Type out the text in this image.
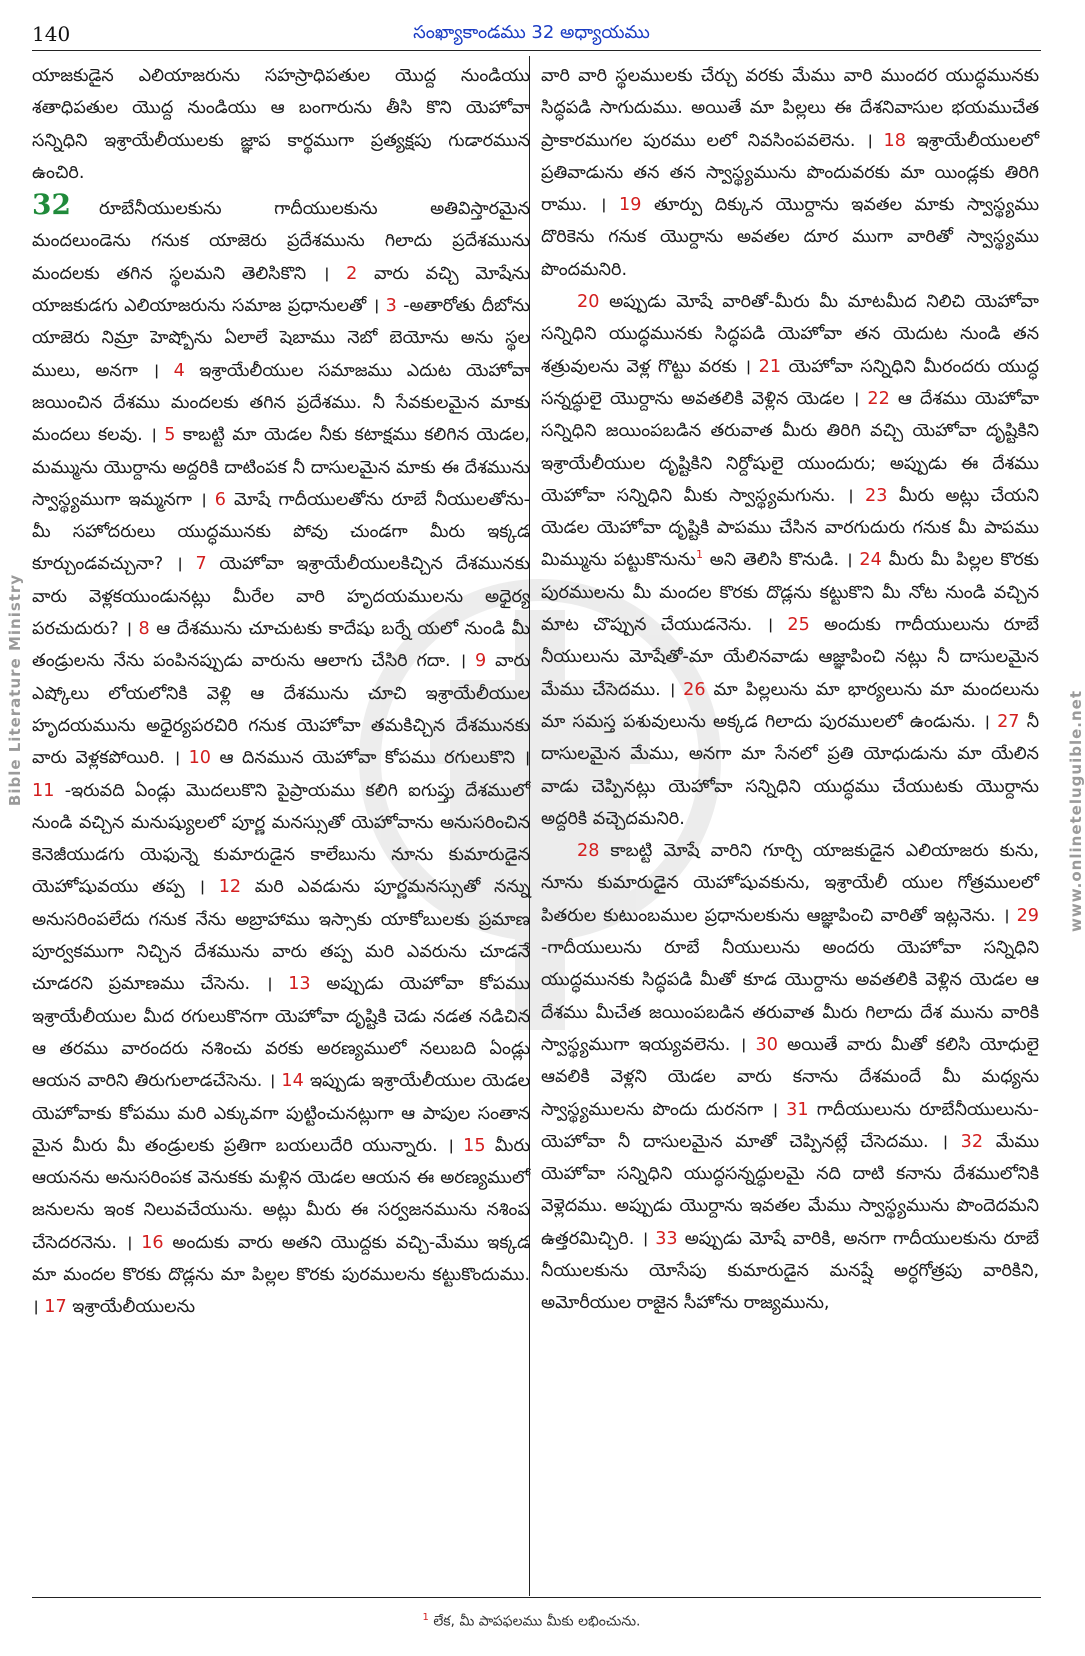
140	సంఖ్యాకాండము 32 అధ్యాయము
Bible Literature Ministry	www.onlineteluguible.net

యాజకుడైన ఎలియాజరును సహస్రాధిపతుల యొద్ద నుండియు శతాధిపతుల యొద్ద నుండియు ఆ బంగారును తీసి కొని యెహోవా సన్నిధిని ఇశ్రాయేలీయులకు జ్ఞాప కార్థముగా ప్రత్యక్షపు గుడారమున ఉంచిరి.

32 రూబేనీయులకును	గాదీయులకును	అతివిస్తారమైన మందలుండెను గనుక యాజెరు ప్రదేశమును గిలాదు ప్రదేశమును మందలకు తగిన స్థలమని తెలిసికొని । 2 వారు వచ్చి మోషేను యాజకుడగు ఎలియాజరును సమాజ ప్రధానులతో । 3 -అతారోతు దీబోను యాజెరు నిమ్రా హెష్బోను ఏలాలే షెబాము నెబో బెయోను అను స్థల ములు, అనగా । 4 ఇశ్రాయేలీయుల సమాజము ఎదుట యెహోవా జయించిన దేశము మందలకు తగిన ప్రదేశము. నీ సేవకులమైన మాకు మందలు కలవు. । 5 కాబట్టి మా యెడల నీకు కటాక్షము కలిగిన యెడల, మమ్మును యొర్దాను అద్దరికి దాటింపక నీ దాసులమైన మాకు ఈ దేశమును స్వాస్థ్యముగా ఇమ్మనగా । 6 మోషే గాదీయులతోను రూబే నీయులతోను-మీ సహోదరులు యుద్ధమునకు పోవు చుండగా మీరు ఇక్కడ కూర్చుండవచ్చునా? । 7 యెహోవా ఇశ్రాయేలీయులకిచ్చిన దేశమునకు వారు వెళ్లకయుండునట్లు మీరేల వారి హృదయములను అధైర్య పరచుదురు? । 8 ఆ దేశమును చూచుటకు కాదేషు బర్నే యలో నుండి మీ తండ్రులను నేను పంపినప్పుడు వారును ఆలాగు చేసిరి గదా. । 9 వారు ఎష్కోలు లోయలోనికి వెళ్లి ఆ దేశమును చూచి ఇశ్రాయేలీయుల హృదయమును అధైర్యపరచిరి గనుక యెహోవా తమకిచ్చిన దేశమునకు వారు వెళ్లకపోయిరి. । 10 ఆ దినమున యెహోవా కోపము రగులుకొని । 11 -ఇరువది ఏండ్లు మొదలుకొని పైప్రాయము కలిగి ఐగుప్తు దేశములో నుండి వచ్చిన మనుష్యులలో పూర్ణ మనస్సుతో యెహోవాను అనుసరించిన కెనెజీయుడగు యెఫున్నె కుమారుడైన కాలేబును నూను కుమారుడైన యెహోషువయు తప్ప । 12 మరి ఎవడును పూర్ణమనస్సుతో నన్ను అనుసరింపలేదు గనుక నేను అబ్రాహాము ఇస్సాకు యాకోబులకు ప్రమాణ పూర్వకముగా నిచ్చిన దేశమును వారు తప్ప మరి ఎవరును చూడనే చూడరని ప్రమాణము చేసెను. । 13 అప్పుడు యెహోవా కోపము ఇశ్రాయేలీయుల మీద రగులుకొనగా యెహోవా దృష్టికి చెడు నడత నడిచిన ఆ తరము వారందరు నశించు వరకు అరణ్యములో నలుబది ఏండ్లు ఆయన వారిని తిరుగులాడచేసెను. । 14 ఇప్పుడు ఇశ్రాయేలీయుల యెడల యెహోవాకు కోపము మరి ఎక్కువగా పుట్టించునట్లుగా ఆ పాపుల సంతాన మైన మీరు మీ తండ్రులకు ప్రతిగా బయలుదేరి యున్నారు. । 15 మీరు ఆయనను అనుసరింపక వెనుకకు మళ్లిన యెడల ఆయన ఈ అరణ్యములో జనులను ఇంక నిలువచేయును. అట్లు మీరు ఈ సర్వజనమును నశింప చేసెదరనెను. । 16 అందుకు వారు అతని యొద్దకు వచ్చి-మేము ఇక్కడ మా మందల కొరకు దొడ్లను మా పిల్లల కొరకు పురములను కట్టుకొందుము. । 17 ఇశ్రాయేలీయులను

వారి వారి స్థలములకు చేర్చు వరకు మేము వారి ముందర యుద్ధమునకు సిద్ధపడి సాగుదుము. అయితే మా పిల్లలు ఈ దేశనివాసుల భయముచేత ప్రాకారముగల పురము లలో నివసింపవలెను. । 18 ఇశ్రాయేలీయులలో ప్రతివాడును తన తన స్వాస్థ్యమును పొందువరకు మా యిండ్లకు తిరిగి రాము. । 19 తూర్పు దిక్కున యొర్దాను ఇవతల మాకు స్వాస్థ్యము దొరికెను గనుక యొర్దాను అవతల దూర ముగా వారితో స్వాస్థ్యము పొందమనిరి.

20 అప్పుడు మోషే వారితో-మీరు మీ మాటమీద నిలిచి యెహోవా సన్నిధిని యుద్ధమునకు సిద్ధపడి యెహోవా తన యెదుట నుండి తన శత్రువులను వెళ్ల గొట్టు వరకు । 21 యెహోవా సన్నిధిని మీరందరు యుద్ధ సన్నద్ధులై యొర్దాను అవతలికి వెళ్లిన యెడల । 22 ఆ దేశము యెహోవా సన్నిధిని జయింపబడిన తరువాత మీరు తిరిగి వచ్చి యెహోవా దృష్టికిని ఇశ్రాయేలీయుల దృష్టికిని నిర్దోషులై యుందురు; అప్పుడు ఈ దేశము యెహోవా సన్నిధిని మీకు స్వాస్థ్యమగును. । 23 మీరు అట్లు చేయని యెడల యెహోవా దృష్టికి పాపము చేసిన వారగుదురు గనుక మీ పాపము మిమ్మును పట్టుకొనును$^1$ అని తెలిసి కొనుడి. । 24 మీరు మీ పిల్లల కొరకు పురములను మీ మందల కొరకు దొడ్లను కట్టుకొని మీ నోట నుండి వచ్చిన మాట చొప్పున చేయుడనెను. । 25 అందుకు గాదీయులును రూబే నీయులును మోషేతో-మా యేలినవాడు ఆజ్ఞాపించి నట్లు నీ దాసులమైన మేము చేసెదము. । 26 మా పిల్లలును మా భార్యలును మా మందలును మా సమస్త పశువులును అక్కడ గిలాదు పురములలో ఉండును. । 27 నీ దాసులమైన మేము, అనగా మా సేనలో ప్రతి యోధుడును మా యేలిన వాడు చెప్పినట్లు యెహోవా సన్నిధిని యుద్ధము చేయుటకు యొర్దాను అద్దరికి వచ్చెదమనిరి.

28 కాబట్టి మోషే వారిని గూర్చి యాజకుడైన ఎలియాజరు కును, నూను కుమారుడైన యెహోషువకును, ఇశ్రాయేలీ యుల గోత్రములలో పితరుల కుటుంబముల ప్రధానులకును ఆజ్ఞాపించి వారితో ఇట్లనెను. । 29 -గాదీయులును రూబే నీయులును అందరు యెహోవా సన్నిధిని యుద్ధమునకు సిద్ధపడి మీతో కూడ యొర్దాను అవతలికి వెళ్లిన యెడల ఆ దేశము మీచేత జయింపబడిన తరువాత మీరు గిలాదు దేశ మును వారికి స్వాస్థ్యముగా ఇయ్యవలెను. । 30 అయితే వారు మీతో కలిసి యోధులై ఆవలికి వెళ్లని యెడల వారు కనాను దేశమందే మీ మధ్యను స్వాస్థ్యములను పొందు దురనగా । 31 గాదీయులును రూబేనీయులును-యెహోవా నీ దాసులమైన మాతో చెప్పినట్లే చేసెదము. । 32 మేము యెహోవా సన్నిధిని యుద్ధసన్నద్ధులమై నది దాటి కనాను దేశములోనికి వెళ్లెదము. అప్పుడు యొర్దాను ఇవతల మేము స్వాస్థ్యమును పొందెదమని ఉత్తరమిచ్చిరి. । 33 అప్పుడు మోషే వారికి, అనగా గాదీయులకును రూబే నీయులకును యోసేపు కుమారుడైన మనష్షే అర్ధగోత్రపు వారికిని, అమోరీయుల రాజైన సీహోను రాజ్యమును,

$^1$ లేక, మీ పాపఫలము మీకు లభించును.
